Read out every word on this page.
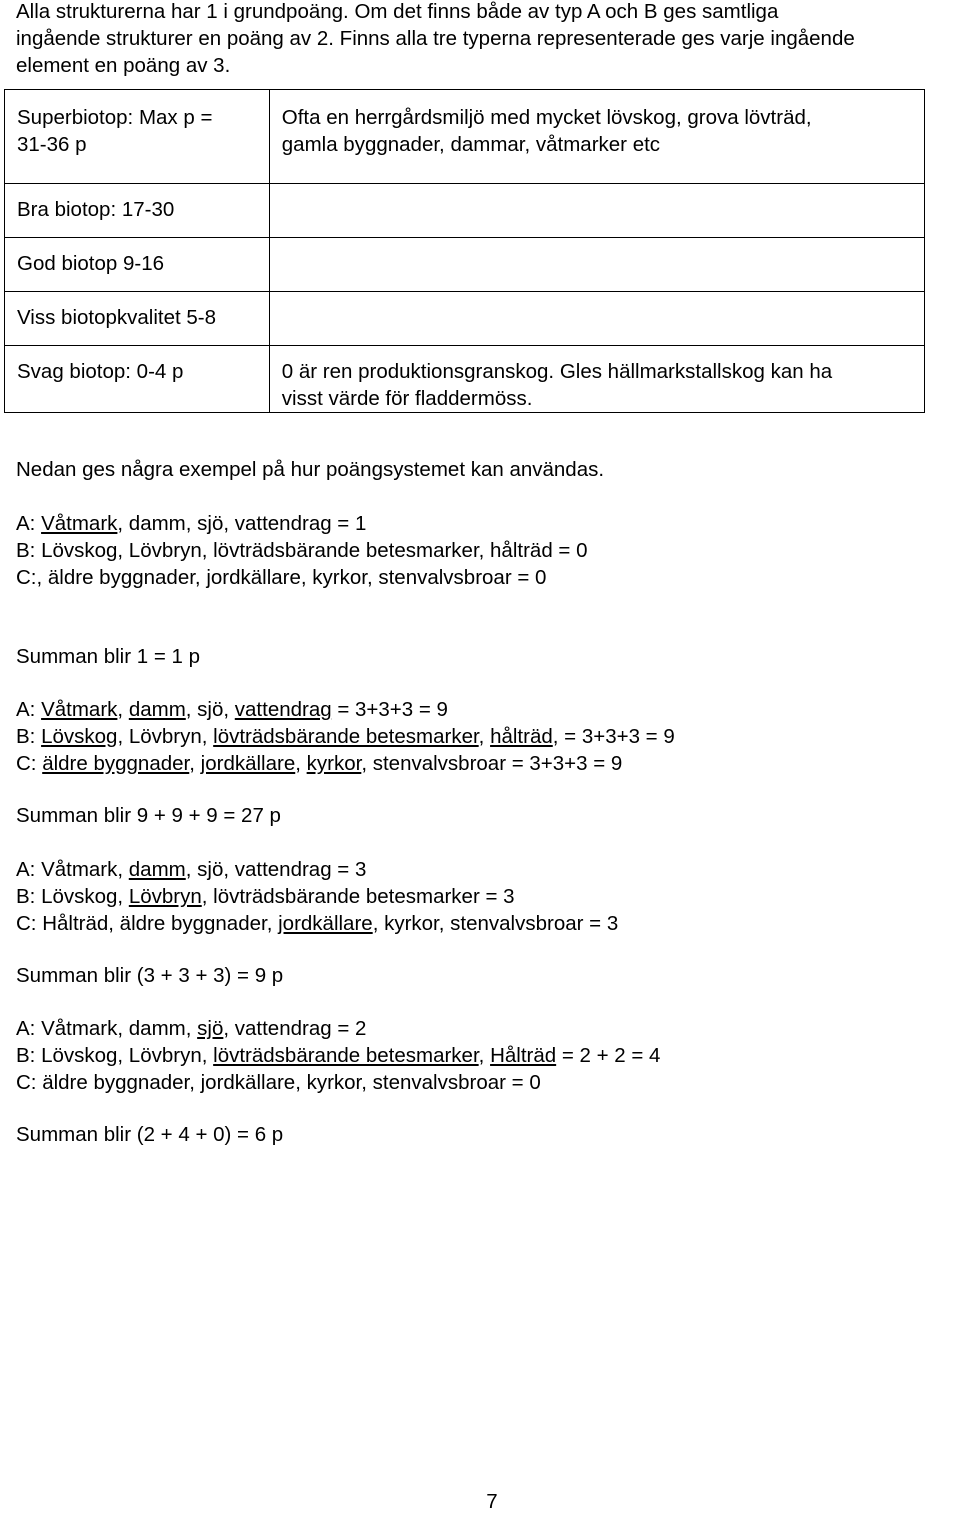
Alla strukturerna har 1 i grundpoäng. Om det finns både av typ A och B ges samtliga

ingående strukturer en poäng av 2. Finns alla tre typerna representerade ges varje ingående

element en poäng av 3.

Superbiotop: Max p =
31-36 p	Ofta en herrgårdsmiljö med mycket lövskog, grova lövträd,
gamla byggnader, dammar, våtmarker etc

Bra biotop: 17-30	

God biotop 9-16	

Viss biotopkvalitet 5-8	

Svag biotop: 0-4 p	0 är ren produktionsgranskog. Gles hällmarkstallskog kan ha
visst värde för fladdermöss.

Nedan ges några exempel på hur poängsystemet kan användas.

A: Våtmark, damm, sjö, vattendrag = 1

B: Lövskog, Lövbryn, lövträdsbärande betesmarker, hålträd = 0

C:, äldre byggnader, jordkällare, kyrkor, stenvalvsbroar = 0

Summan blir 1 = 1 p

A: Våtmark, damm, sjö, vattendrag = 3+3+3 = 9

B: Lövskog, Lövbryn, lövträdsbärande betesmarker, hålträd, = 3+3+3 = 9

C: äldre byggnader, jordkällare, kyrkor, stenvalvsbroar = 3+3+3 = 9

Summan blir 9 + 9 + 9 = 27 p

A: Våtmark, damm, sjö, vattendrag = 3

B: Lövskog, Lövbryn, lövträdsbärande betesmarker = 3

C: Hålträd, äldre byggnader, jordkällare, kyrkor, stenvalvsbroar = 3

Summan blir (3 + 3 + 3) = 9 p

A: Våtmark, damm, sjö, vattendrag = 2

B: Lövskog, Lövbryn, lövträdsbärande betesmarker, Hålträd = 2 + 2 = 4

C: äldre byggnader, jordkällare, kyrkor, stenvalvsbroar = 0

Summan blir (2 + 4 + 0) = 6 p

7
